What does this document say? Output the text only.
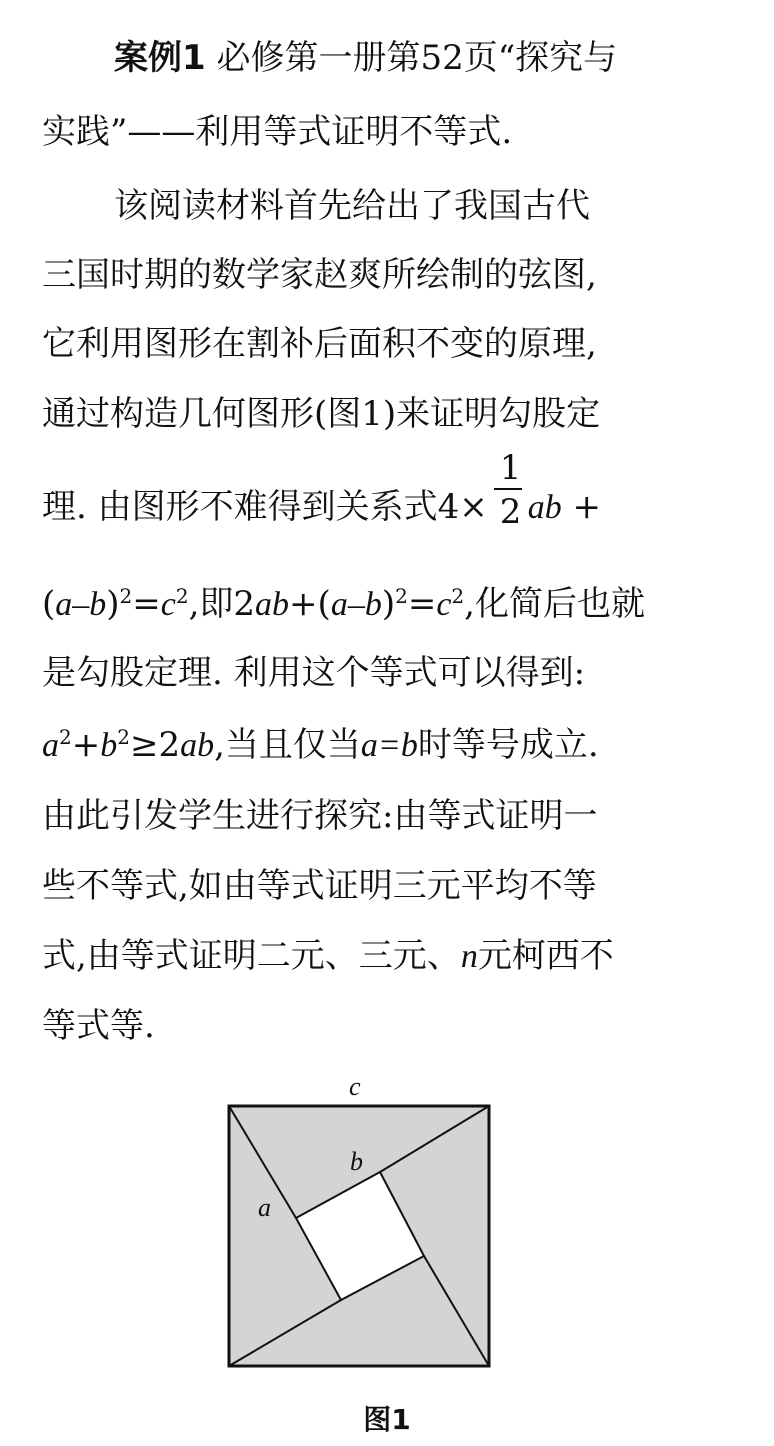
案例1 必修第一册第52页“探究与
实践”——利用等式证明不等式.
该阅读材料首先给出了我国古代
三国时期的数学家赵爽所绘制的弦图,
它利用图形在割补后面积不变的原理,
通过构造几何图形(图1)来证明勾股定
理. 由图形不难得到关系式$4\times \frac{1}{2}$ ab +
$(a-b)^2=c^2$,即$2ab+(a-b)^2=c^2$,化简后也就
是勾股定理. 利用这个等式可以得到:
$a^2+b^2\ge 2ab$,当且仅当a=b时等号成立.
由此引发学生进行探究:由等式证明一
些不等式,如由等式证明三元平均不等
式,由等式证明二元、三元、n元柯西不
等式等.
c
b
a
图1
